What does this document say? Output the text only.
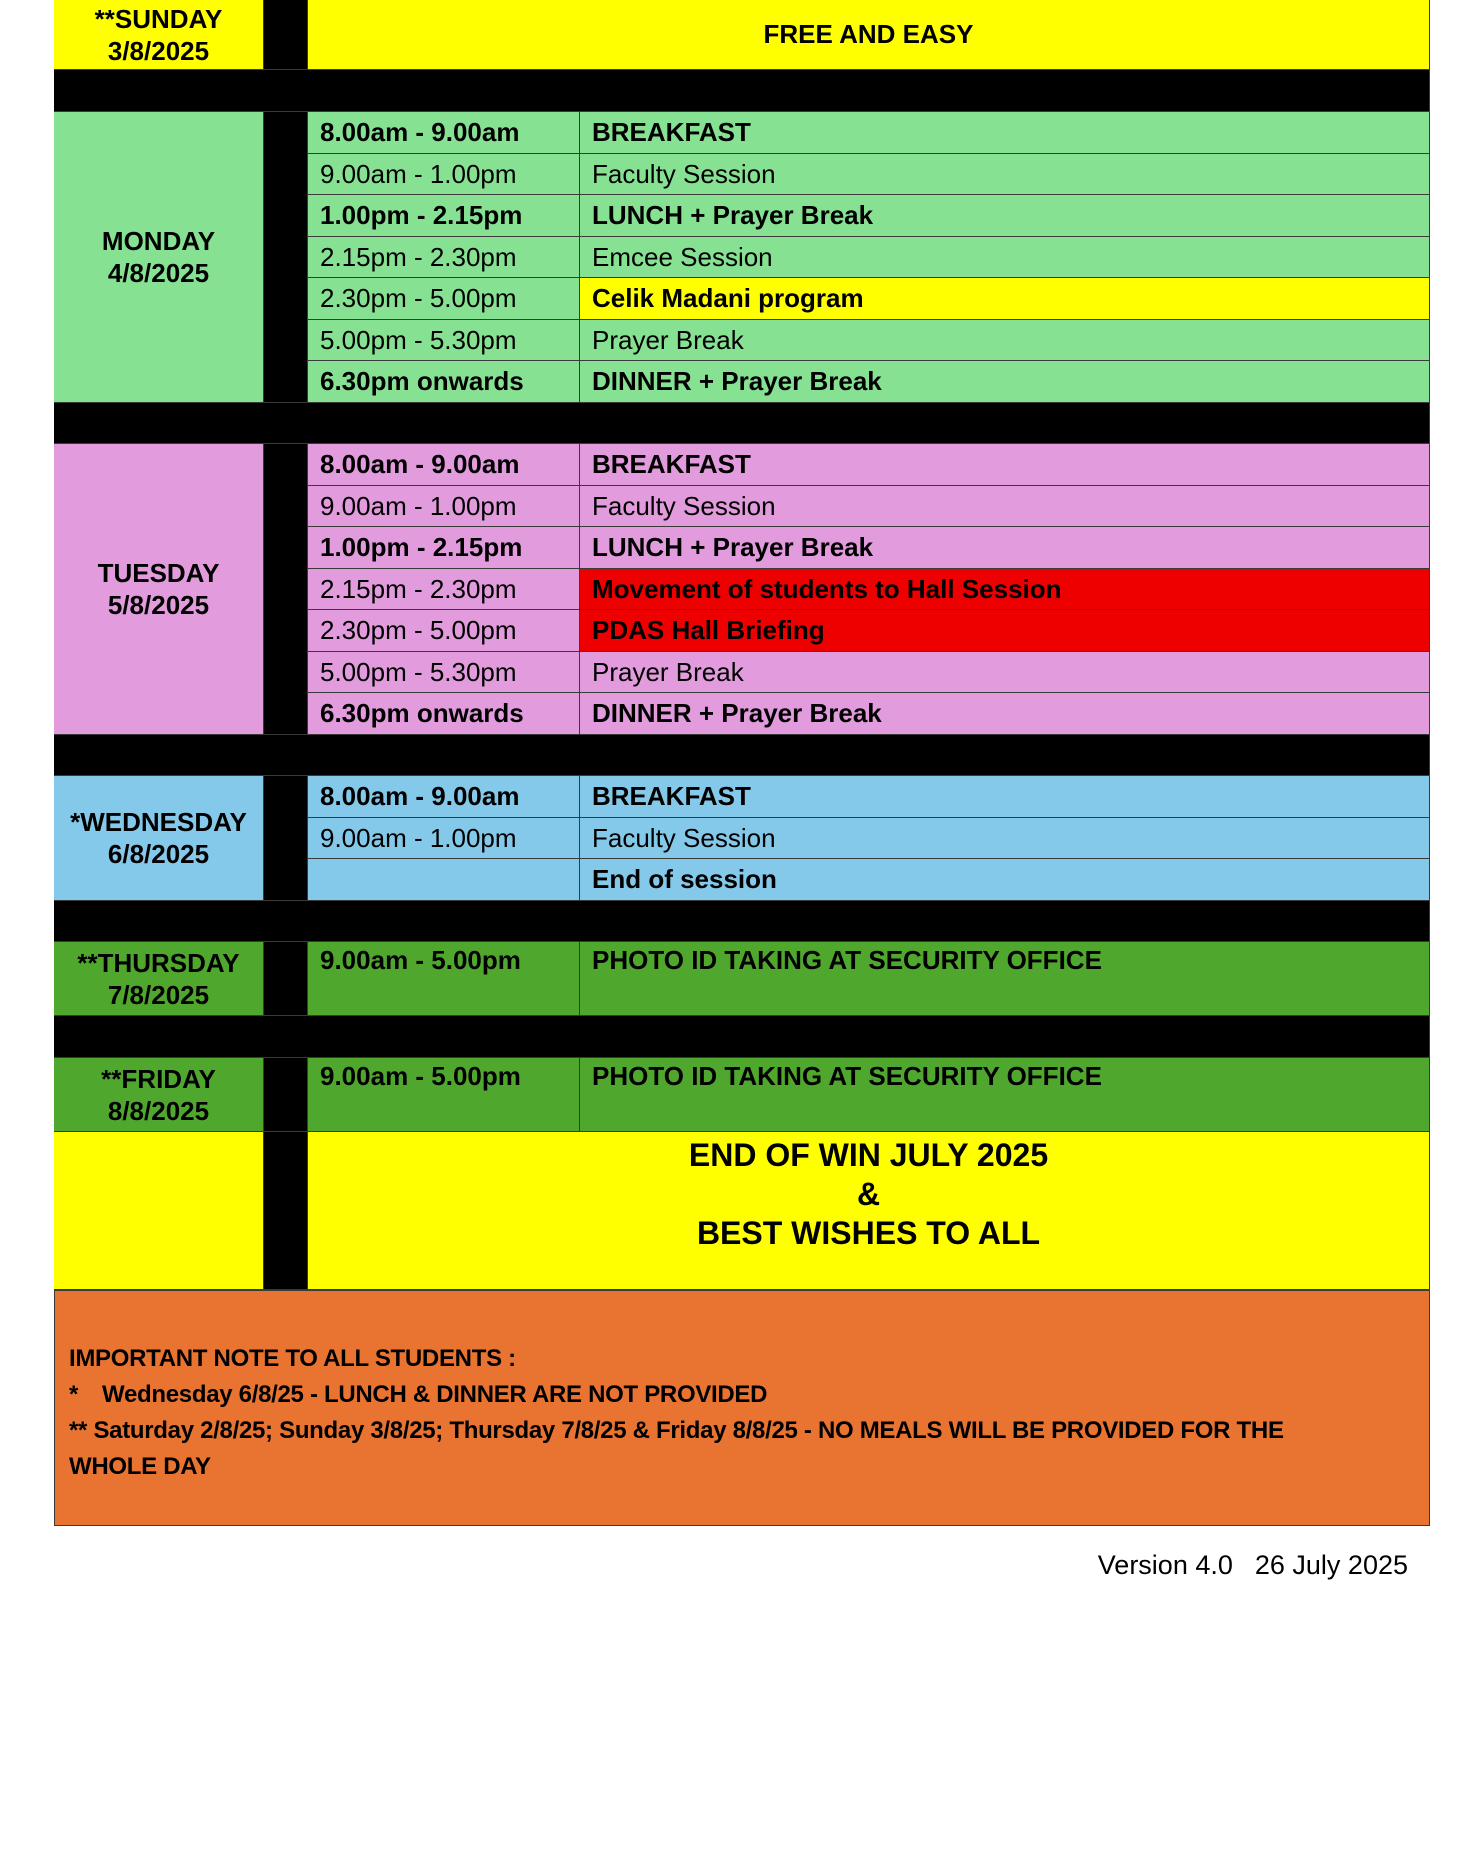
**SUNDAY
3/8/2025
FREE AND EASY
MONDAY
4/8/2025
8.00am - 9.00am	BREAKFAST
9.00am - 1.00pm	Faculty Session
1.00pm - 2.15pm	LUNCH + Prayer Break
2.15pm - 2.30pm	Emcee Session
2.30pm - 5.00pm	Celik Madani program
5.00pm - 5.30pm	Prayer Break
6.30pm onwards	DINNER + Prayer Break
TUESDAY
5/8/2025
8.00am - 9.00am	BREAKFAST
9.00am - 1.00pm	Faculty Session
1.00pm - 2.15pm	LUNCH + Prayer Break
2.15pm - 2.30pm	Movement of students to Hall Session
2.30pm - 5.00pm	PDAS Hall Briefing
5.00pm - 5.30pm	Prayer Break
6.30pm onwards	DINNER + Prayer Break
*WEDNESDAY
6/8/2025
8.00am - 9.00am	BREAKFAST
9.00am - 1.00pm	Faculty Session
End of session
**THURSDAY
7/8/2025
9.00am - 5.00pm	PHOTO ID TAKING AT SECURITY OFFICE
**FRIDAY
8/8/2025
9.00am - 5.00pm	PHOTO ID TAKING AT SECURITY OFFICE
END OF WIN JULY 2025
&
BEST WISHES TO ALL
IMPORTANT NOTE TO ALL STUDENTS :
* Wednesday 6/8/25 - LUNCH & DINNER ARE NOT PROVIDED
** Saturday 2/8/25; Sunday 3/8/25; Thursday 7/8/25 & Friday 8/8/25 - NO MEALS WILL BE PROVIDED FOR THE
WHOLE DAY
Version 4.0 26 July 2025
